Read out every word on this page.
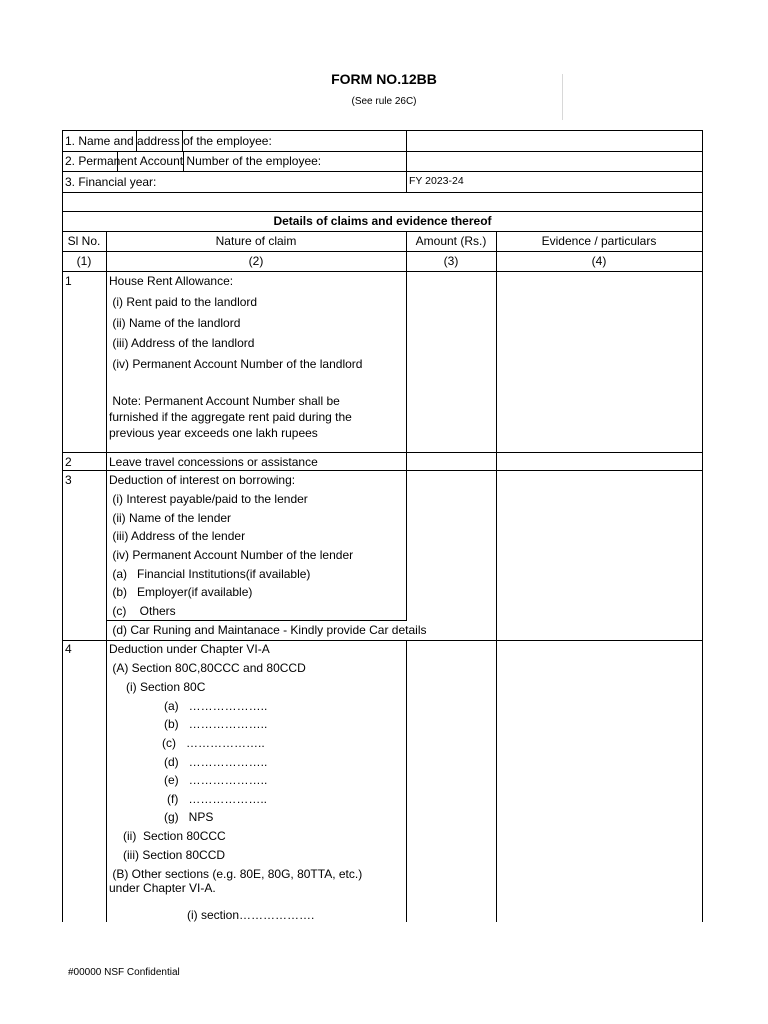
FORM NO.12BB
(See rule 26C)
1. Name and address of the employee:
2. Permanent Account Number of the employee:
3. Financial year:	FY 2023-24
Details of claims and evidence thereof
Sl No.	Nature of claim	Amount (Rs.)	Evidence / particulars
(1)	(2)	(3)	(4)
1	House Rent Allowance:
(i) Rent paid to the landlord
(ii) Name of the landlord
(iii) Address of the landlord
(iv) Permanent Account Number of the landlord
Note: Permanent Account Number shall be furnished if the aggregate rent paid during the previous year exceeds one lakh rupees
2	Leave travel concessions or assistance
3	Deduction of interest on borrowing:
(i) Interest payable/paid to the lender
(ii) Name of the lender
(iii) Address of the lender
(iv) Permanent Account Number of the lender
(a)   Financial Institutions(if available)
(b)   Employer(if available)
(c)    Others
(d) Car Runing and Maintanace - Kindly provide Car details
4	Deduction under Chapter VI-A
(A) Section 80C,80CCC and 80CCD
(i) Section 80C
(a)   ………………..
(b)   ………………..
(c)   ………………..
(d)   ………………..
(e)   ………………..
(f)   ………………..
(g)   NPS
(ii)  Section 80CCC
(iii) Section 80CCD
(B) Other sections (e.g. 80E, 80G, 80TTA, etc.)
under Chapter VI-A.
(i) section……………….
#00000 NSF Confidential
